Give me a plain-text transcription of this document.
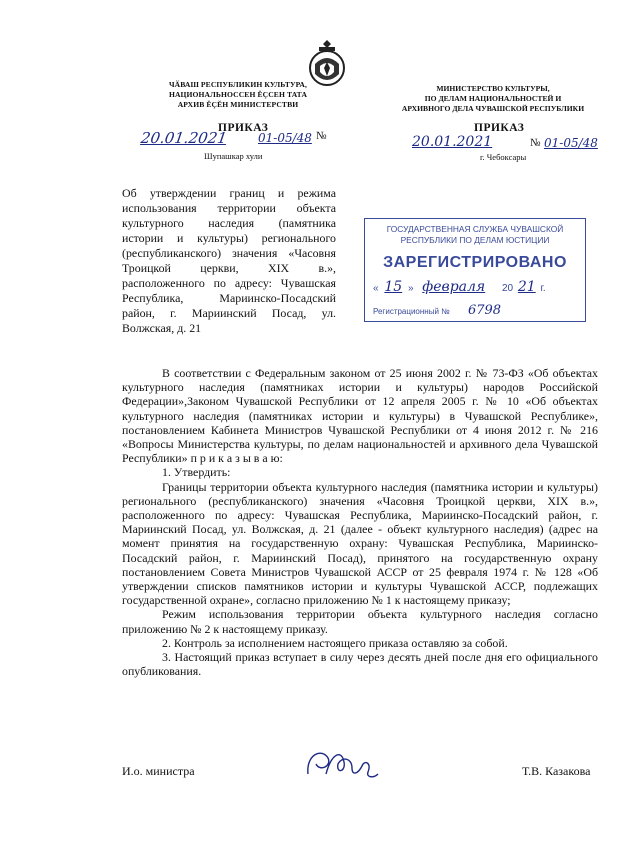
ЧӐВАШ РЕСПУБЛИКИН КУЛЬТУРА,
НАЦИОНАЛЬНОССЕН ĔÇСЕН ТАТА
АРХИВ ĔÇĔН МИНИСТЕРСТВИ
МИНИСТЕРСТВО КУЛЬТУРЫ,
ПО ДЕЛАМ НАЦИОНАЛЬНОСТЕЙ И
АРХИВНОГО ДЕЛА ЧУВАШСКОЙ РЕСПУБЛИКИ
ПРИКАЗ	ПРИКАЗ
20.01.2021 01-05/48 №
Шупашкар хули
20.01.2021	№ 01-05/48
г. Чебоксары
Об утверждении границ и режима использования территории объекта культурного наследия (памятника истории и культуры) регионального (республиканского) значения «Часовня Троицкой церкви, XIX в.», расположенного по адресу: Чувашская Республика, Мариинско-Посадский район, г. Мариинский Посад, ул. Волжская, д. 21
ГОСУДАРСТВЕННАЯ СЛУЖБА ЧУВАШСКОЙ
РЕСПУБЛИКИ ПО ДЕЛАМ ЮСТИЦИИ
ЗАРЕГИСТРИРОВАНО
« 15 » февраля 20 21 г.
Регистрационный № 6798

В соответствии с Федеральным законом от 25 июня 2002 г. № 73-ФЗ «Об объектах культурного наследия (памятниках истории и культуры) народов Российской Федерации»,Законом Чувашской Республики от 12 апреля 2005 г. № 10 «Об объектах культурного наследия (памятниках истории и культуры) в Чувашской Республике», постановлением Кабинета Министров Чувашской Республики от 4 июня 2012 г. № 216 «Вопросы Министерства культуры, по делам национальностей и архивного дела Чувашской Республики» п р и к а з ы в а ю:

1. Утвердить:

Границы территории объекта культурного наследия (памятника истории и культуры) регионального (республиканского) значения «Часовня Троицкой церкви, XIX в.», расположенного по адресу: Чувашская Республика, Мариинско-Посадский район, г. Мариинский Посад, ул. Волжская, д. 21 (далее - объект культурного наследия) (адрес на момент принятия на государственную охрану: Чувашская Республика, Мариинско-Посадский район, г. Мариинский Посад), принятого на государственную охрану постановлением Совета Министров Чувашской АССР от 25 февраля 1974 г. № 128 «Об утверждении списков памятников истории и культуры Чувашской АССР, подлежащих государственной охране», согласно приложению № 1 к настоящему приказу;

Режим использования территории объекта культурного наследия согласно приложению № 2 к настоящему приказу.

2. Контроль за исполнением настоящего приказа оставляю за собой.

3. Настоящий приказ вступает в силу через десять дней после дня его официального опубликования.

И.о. министра	Т.В. Казакова
